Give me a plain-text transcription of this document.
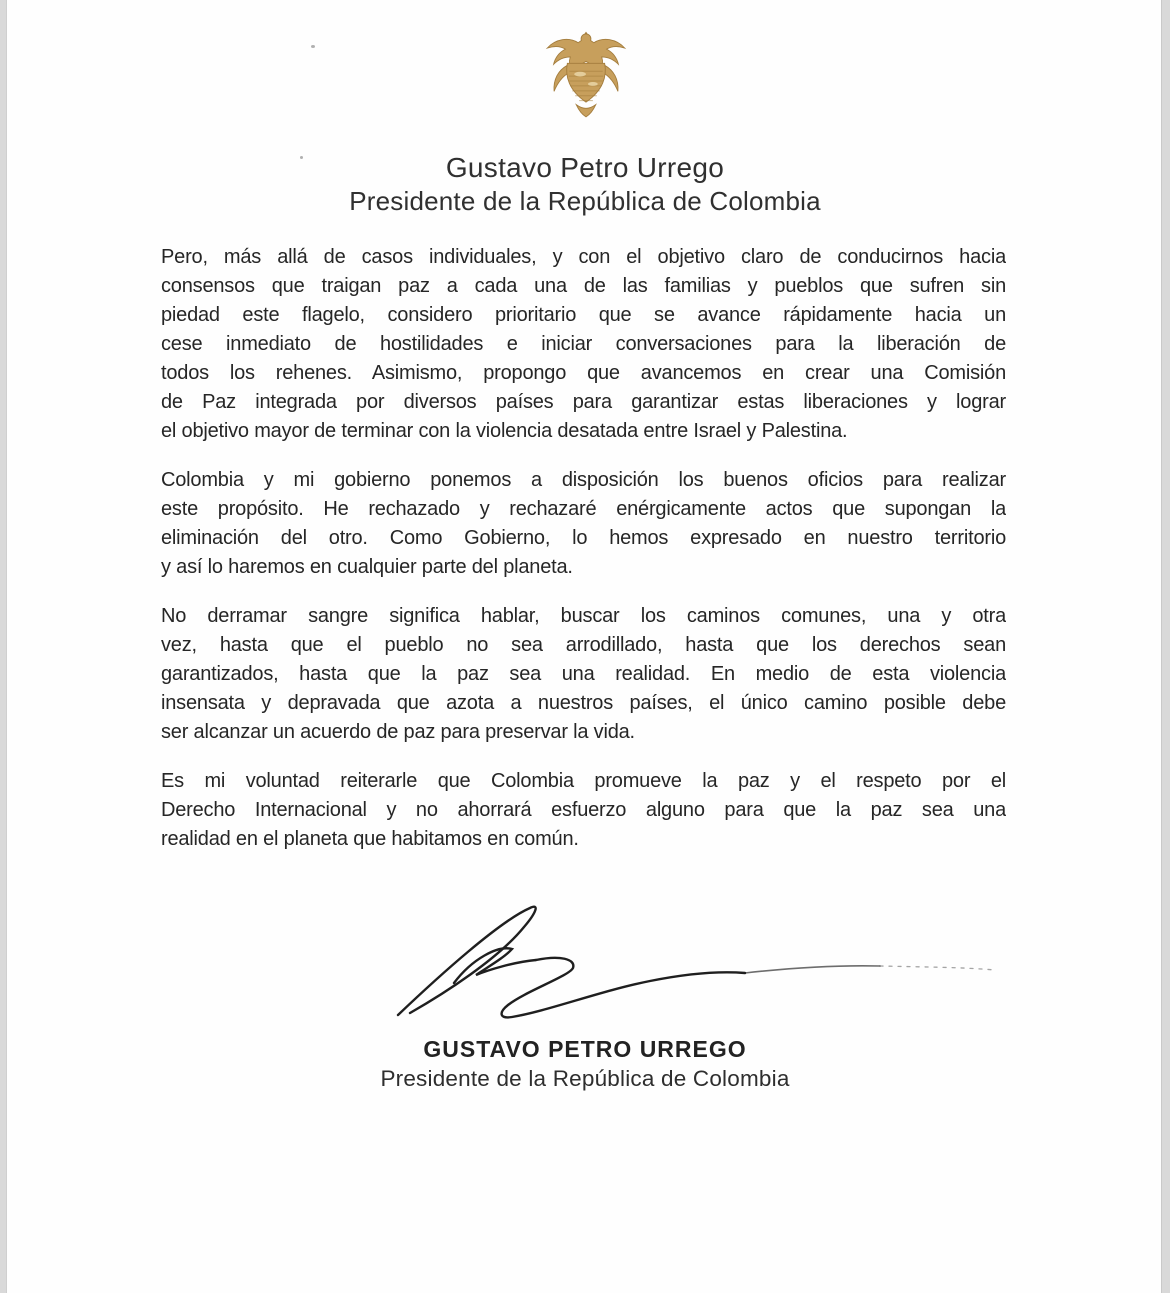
Gustavo Petro Urrego
Presidente de la República de Colombia
Pero, más allá de casos individuales, y con el objetivo claro de conducirnos hacia
consensos que traigan paz a cada una de las familias y pueblos que sufren sin
piedad este flagelo, considero prioritario que se avance rápidamente hacia un
cese inmediato de hostilidades e iniciar conversaciones para la liberación de
todos los rehenes. Asimismo, propongo que avancemos en crear una Comisión
de Paz integrada por diversos países para garantizar estas liberaciones y lograr
el objetivo mayor de terminar con la violencia desatada entre Israel y Palestina.
Colombia y mi gobierno ponemos a disposición los buenos oficios para realizar
este propósito. He rechazado y rechazaré enérgicamente actos que supongan la
eliminación del otro. Como Gobierno, lo hemos expresado en nuestro territorio
y así lo haremos en cualquier parte del planeta.
No derramar sangre significa hablar, buscar los caminos comunes, una y otra
vez, hasta que el pueblo no sea arrodillado, hasta que los derechos sean
garantizados, hasta que la paz sea una realidad. En medio de esta violencia
insensata y depravada que azota a nuestros países, el único camino posible debe
ser alcanzar un acuerdo de paz para preservar la vida.
Es mi voluntad reiterarle que Colombia promueve la paz y el respeto por el
Derecho Internacional y no ahorrará esfuerzo alguno para que la paz sea una
realidad en el planeta que habitamos en común.
GUSTAVO PETRO URREGO
Presidente de la República de Colombia
